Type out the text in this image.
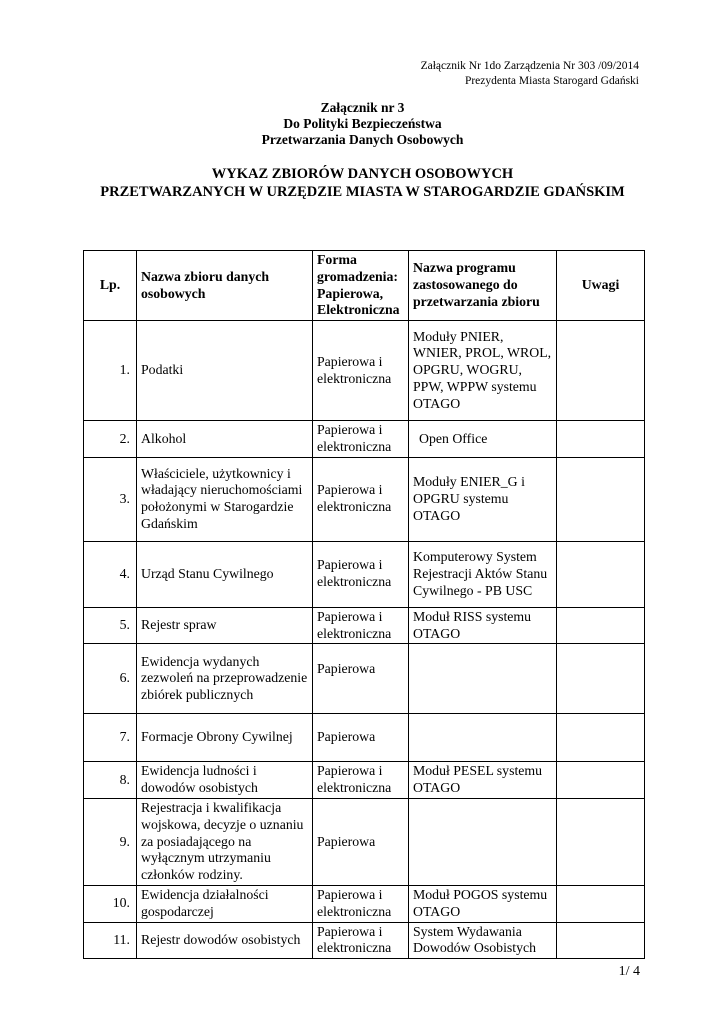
Załącznik Nr 1do Zarządzenia Nr 303 /09/2014
Prezydenta Miasta Starogard Gdański
Załącznik nr 3
Do Polityki Bezpieczeństwa
Przetwarzania Danych Osobowych
WYKAZ ZBIORÓW DANYCH OSOBOWYCH
PRZETWARZANYCH W URZĘDZIE MIASTA W STAROGARDZIE GDAŃSKIM
Lp.	Nazwa zbioru danych osobowych	Forma gromadzenia: Papierowa, Elektroniczna	Nazwa programu zastosowanego do przetwarzania zbioru	Uwagi
1.	Podatki	Papierowa i elektroniczna	Moduły PNIER, WNIER, PROL, WROL, OPGRU, WOGRU, PPW, WPPW systemu OTAGO	
2.	Alkohol	Papierowa i elektroniczna	Open Office	
3.	Właściciele, użytkownicy i władający nieruchomościami położonymi w Starogardzie Gdańskim	Papierowa i elektroniczna	Moduły ENIER_G i OPGRU systemu OTAGO	
4.	Urząd Stanu Cywilnego	Papierowa i elektroniczna	Komputerowy System Rejestracji Aktów Stanu Cywilnego - PB USC	
5.	Rejestr spraw	Papierowa i elektroniczna	Moduł RISS systemu OTAGO	
6.	Ewidencja wydanych zezwoleń na przeprowadzenie zbiórek publicznych	Papierowa		
7.	Formacje Obrony Cywilnej	Papierowa		
8.	Ewidencja ludności i dowodów osobistych	Papierowa i elektroniczna	Moduł PESEL systemu OTAGO	
9.	Rejestracja i kwalifikacja wojskowa, decyzje o uznaniu za posiadającego na wyłącznym utrzymaniu członków rodziny.	Papierowa		
10.	Ewidencja działalności gospodarczej	Papierowa i elektroniczna	Moduł POGOS systemu OTAGO	
11.	Rejestr dowodów osobistych	Papierowa i elektroniczna	System Wydawania Dowodów Osobistych	
1/ 4
